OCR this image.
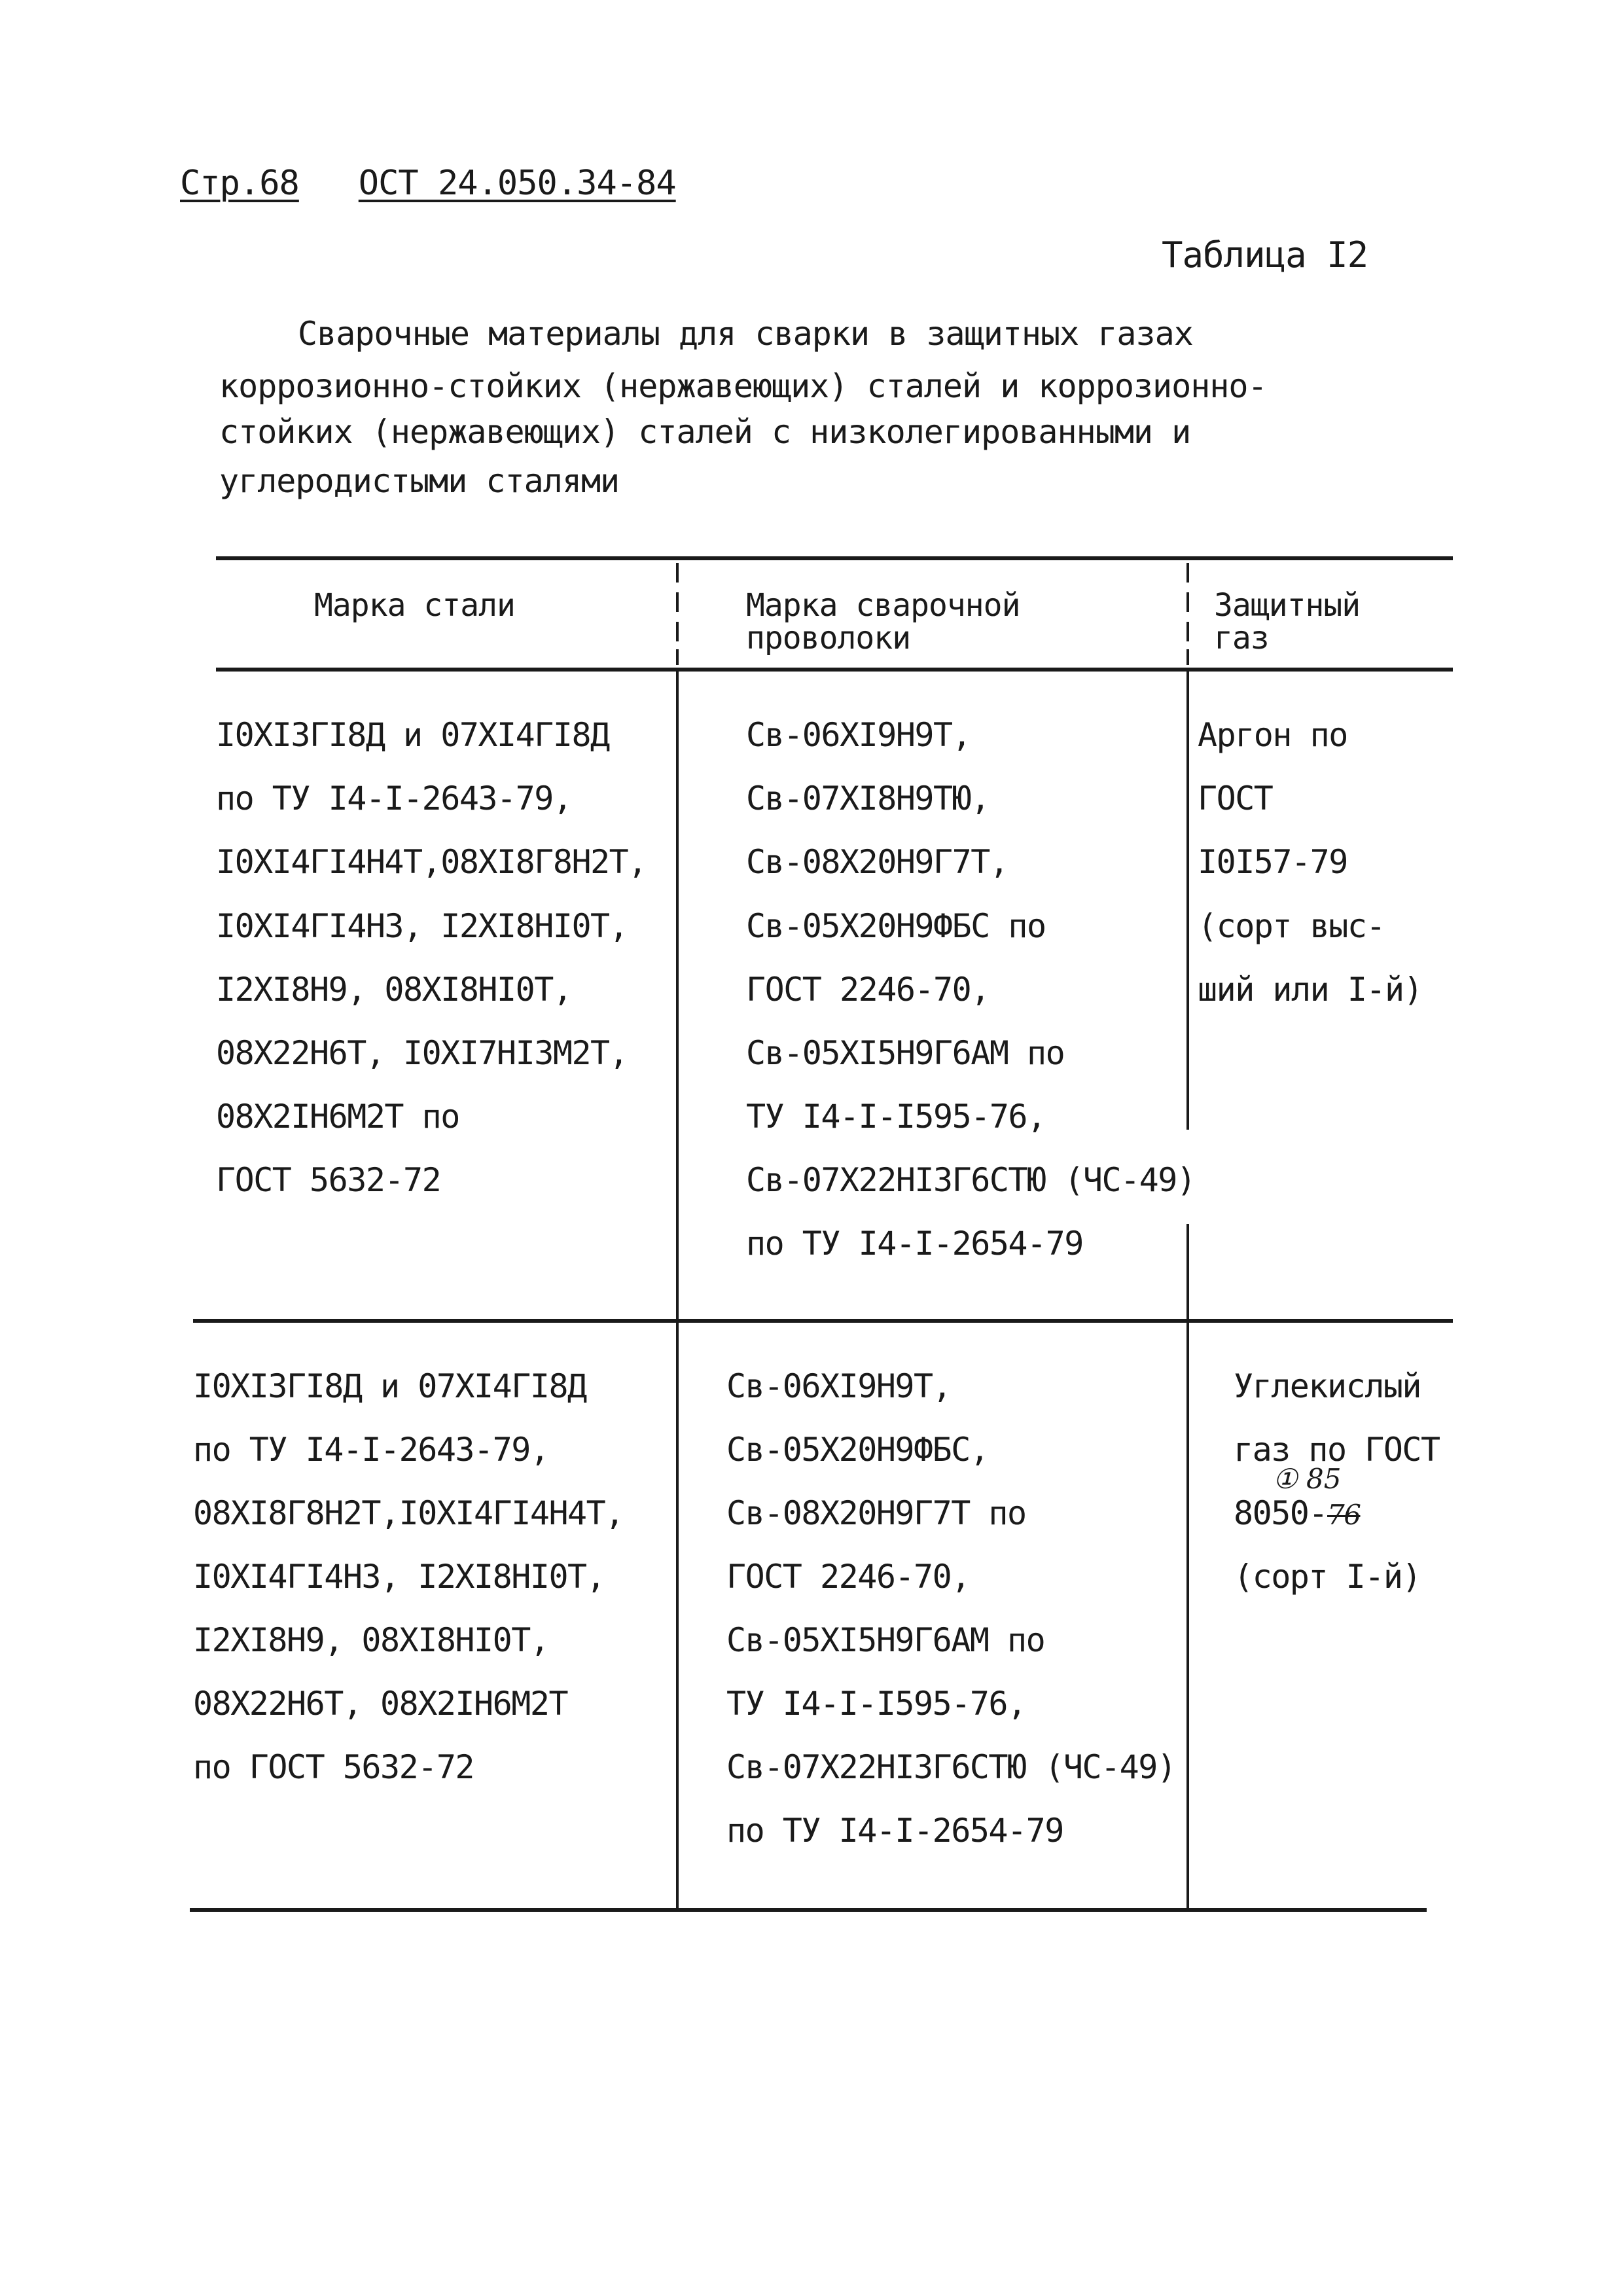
Стр.68 ОСТ 24.050.34-84
Таблица I2
Сварочные материалы для сварки в защитных газах
коррозионно-стойких (нержавеющих) сталей и коррозионно-
стойких (нержавеющих) сталей с низколегированными и
углеродистыми сталями
Марка стали	Марка сварочной
проволоки
Защитный
газ
I0XI3ГI8Д и 07XI4ГI8Д
по ТУ I4-I-2643-79,
I0XI4ГI4Н4Т,08XI8Г8Н2Т,
I0XI4ГI4Н3, I2XI8НI0Т,
I2XI8Н9, 08XI8НI0Т,
08X22Н6Т, I0XI7НI3М2Т,
08X2IН6М2Т по
ГОСТ 5632-72
Св-06XI9Н9Т,
Св-07XI8Н9ТЮ,
Св-08X20Н9Г7Т,
Св-05X20Н9ФБС по
ГОСТ 2246-70,
Св-05XI5Н9Г6АМ по
ТУ I4-I-I595-76,
Св-07X22НI3Г6СТЮ (ЧС-49)
по ТУ I4-I-2654-79
Аргон по
ГОСТ
I0I57-79
(сорт выс-
ший или I-й)
I0XI3ГI8Д и 07XI4ГI8Д
по ТУ I4-I-2643-79,
08XI8Г8Н2Т,I0XI4ГI4Н4Т,
I0XI4ГI4Н3, I2XI8НI0Т,
I2XI8Н9, 08XI8НI0Т,
08X22Н6Т, 08X2IН6М2Т
по ГОСТ 5632-72
Св-06XI9Н9Т,
Св-05X20Н9ФБС,
Св-08X20Н9Г7Т по
ГОСТ 2246-70,
Св-05XI5Н9Г6АМ по
ТУ I4-I-I595-76,
Св-07X22НI3Г6СТЮ (ЧС-49)
по ТУ I4-I-2654-79
Углекислый
газ по ГОСТ
8050-76
① 85
(сорт I-й)
